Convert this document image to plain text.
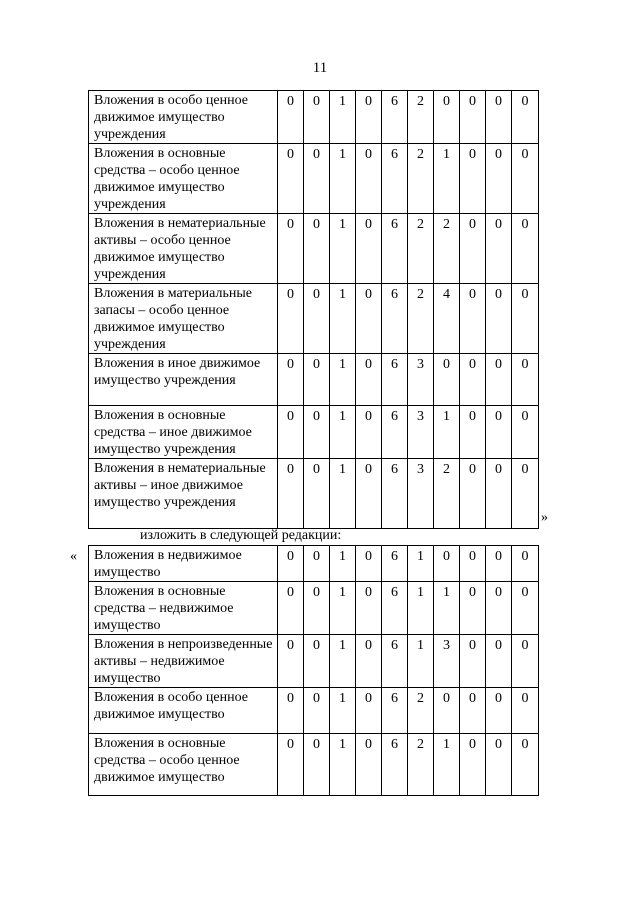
11
Вложения в особо ценное движимое имущество учреждения	0	0	1	0	6	2	0	0	0	0
Вложения в основные средства – особо ценное движимое имущество учреждения	0	0	1	0	6	2	1	0	0	0
Вложения в нематериальные активы – особо ценное движимое имущество учреждения	0	0	1	0	6	2	2	0	0	0
Вложения в материальные запасы – особо ценное движимое имущество учреждения	0	0	1	0	6	2	4	0	0	0
Вложения в иное движимое имущество учреждения	0	0	1	0	6	3	0	0	0	0
Вложения в основные средства – иное движимое имущество учреждения	0	0	1	0	6	3	1	0	0	0
Вложения в нематериальные активы – иное движимое имущество учреждения	0	0	1	0	6	3	2	0	0	0
»
изложить в следующей редакции:
« Вложения в недвижимое имущество	0	0	1	0	6	1	0	0	0	0
Вложения в основные средства – недвижимое имущество	0	0	1	0	6	1	1	0	0	0
Вложения в непроизведенные активы – недвижимое имущество	0	0	1	0	6	1	3	0	0	0
Вложения в особо ценное движимое имущество	0	0	1	0	6	2	0	0	0	0
Вложения в основные средства – особо ценное движимое имущество	0	0	1	0	6	2	1	0	0	0
